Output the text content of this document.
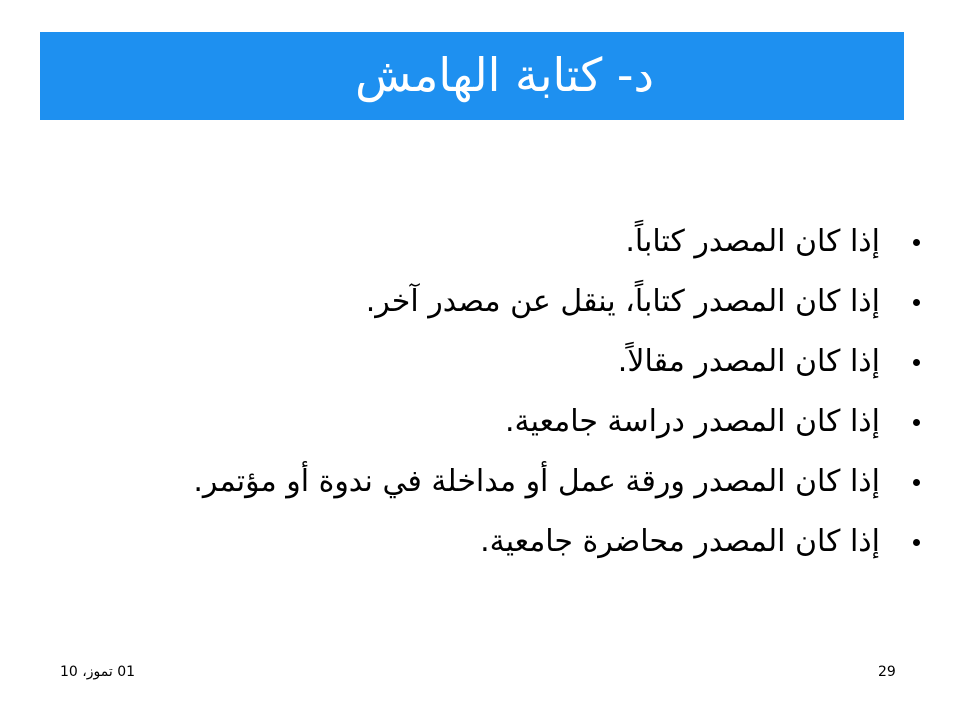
د- كتابة الهامش
إذا كان المصدر كتاباً.
إذا كان المصدر كتاباً، ينقل عن مصدر آخر.
إذا كان المصدر مقالاً.
إذا كان المصدر دراسة جامعية.
إذا كان المصدر ورقة عمل أو مداخلة في ندوة أو مؤتمر.
إذا كان المصدر محاضرة جامعية.
01 تموز، 10	29
